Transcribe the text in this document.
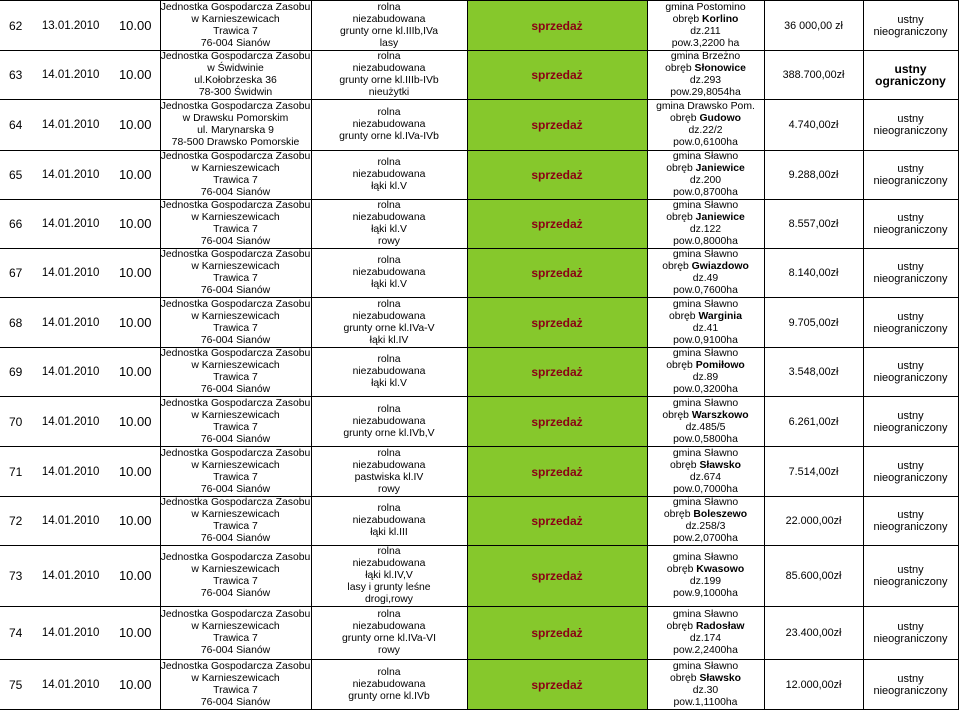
62 13.01.2010 10.00	Jednostka Gospodarcza Zasobu
w Karnieszewicach
Trawica 7
76-004 Sianów	rolna
niezabudowana
grunty orne kl.IIIb,IVa
lasy	sprzedaż	gmina Postomino
obręb Korlino
dz.211
pow.3,2200 ha	36 000,00 zł	ustny
nieograniczony

63 14.01.2010 10.00	Jednostka Gospodarcza Zasobu
w Świdwinie
ul.Kołobrzeska 36
78-300 Świdwin	rolna
niezabudowana
grunty orne kl.IIIb-IVb
nieużytki	sprzedaż	gmina Brzeżno
obręb Słonowice
dz.293
pow.29,8054ha	388.700,00zł	ustny
ograniczony

64 14.01.2010 10.00	Jednostka Gospodarcza Zasobu
w Drawsku Pomorskim
ul. Marynarska 9
78-500 Drawsko Pomorskie	rolna
niezabudowana
grunty orne kl.IVa-IVb	sprzedaż	gmina Drawsko Pom.
obręb Gudowo
dz.22/2
pow.0,6100ha	4.740,00zł	ustny
nieograniczony

65 14.01.2010 10.00	Jednostka Gospodarcza Zasobu
w Karnieszewicach
Trawica 7
76-004 Sianów	rolna
niezabudowana
łąki kl.V	sprzedaż	gmina Sławno
obręb Janiewice
dz.200
pow.0,8700ha	9.288,00zł	ustny
nieograniczony

66 14.01.2010 10.00	Jednostka Gospodarcza Zasobu
w Karnieszewicach
Trawica 7
76-004 Sianów	rolna
niezabudowana
łąki kl.V
rowy	sprzedaż	gmina Sławno
obręb Janiewice
dz.122
pow.0,8000ha	8.557,00zł	ustny
nieograniczony

67 14.01.2010 10.00	Jednostka Gospodarcza Zasobu
w Karnieszewicach
Trawica 7
76-004 Sianów	rolna
niezabudowana
łąki kl.V	sprzedaż	gmina Sławno
obręb Gwiazdowo
dz.49
pow.0,7600ha	8.140,00zł	ustny
nieograniczony

68 14.01.2010 10.00	Jednostka Gospodarcza Zasobu
w Karnieszewicach
Trawica 7
76-004 Sianów	rolna
niezabudowana
grunty orne kl.IVa-V
łąki kl.IV	sprzedaż	gmina Sławno
obręb Warginia
dz.41
pow.0,9100ha	9.705,00zł	ustny
nieograniczony

69 14.01.2010 10.00	Jednostka Gospodarcza Zasobu
w Karnieszewicach
Trawica 7
76-004 Sianów	rolna
niezabudowana
łąki kl.V	sprzedaż	gmina Sławno
obręb Pomiłowo
dz.89
pow.0,3200ha	3.548,00zł	ustny
nieograniczony

70 14.01.2010 10.00	Jednostka Gospodarcza Zasobu
w Karnieszewicach
Trawica 7
76-004 Sianów	rolna
niezabudowana
grunty orne kl.IVb,V	sprzedaż	gmina Sławno
obręb Warszkowo
dz.485/5
pow.0,5800ha	6.261,00zł	ustny
nieograniczony

71 14.01.2010 10.00	Jednostka Gospodarcza Zasobu
w Karnieszewicach
Trawica 7
76-004 Sianów	rolna
niezabudowana
pastwiska kl.IV
rowy	sprzedaż	gmina Sławno
obręb Sławsko
dz.674
pow.0,7000ha	7.514,00zł	ustny
nieograniczony

72 14.01.2010 10.00	Jednostka Gospodarcza Zasobu
w Karnieszewicach
Trawica 7
76-004 Sianów	rolna
niezabudowana
łąki kl.III	sprzedaż	gmina Sławno
obręb Boleszewo
dz.258/3
pow.2,0700ha	22.000,00zł	ustny
nieograniczony

73 14.01.2010 10.00	Jednostka Gospodarcza Zasobu
w Karnieszewicach
Trawica 7
76-004 Sianów	rolna
niezabudowana
łąki kl.IV,V
lasy i grunty leśne
drogi,rowy	sprzedaż	gmina Sławno
obręb Kwasowo
dz.199
pow.9,1000ha	85.600,00zł	ustny
nieograniczony

74 14.01.2010 10.00	Jednostka Gospodarcza Zasobu
w Karnieszewicach
Trawica 7
76-004 Sianów	rolna
niezabudowana
grunty orne kl.IVa-VI
rowy	sprzedaż	gmina Sławno
obręb Radosław
dz.174
pow.2,2400ha	23.400,00zł	ustny
nieograniczony

75 14.01.2010 10.00	Jednostka Gospodarcza Zasobu
w Karnieszewicach
Trawica 7
76-004 Sianów	rolna
niezabudowana
grunty orne kl.IVb	sprzedaż	gmina Sławno
obręb Sławsko
dz.30
pow.1,1100ha	12.000,00zł	ustny
nieograniczony
